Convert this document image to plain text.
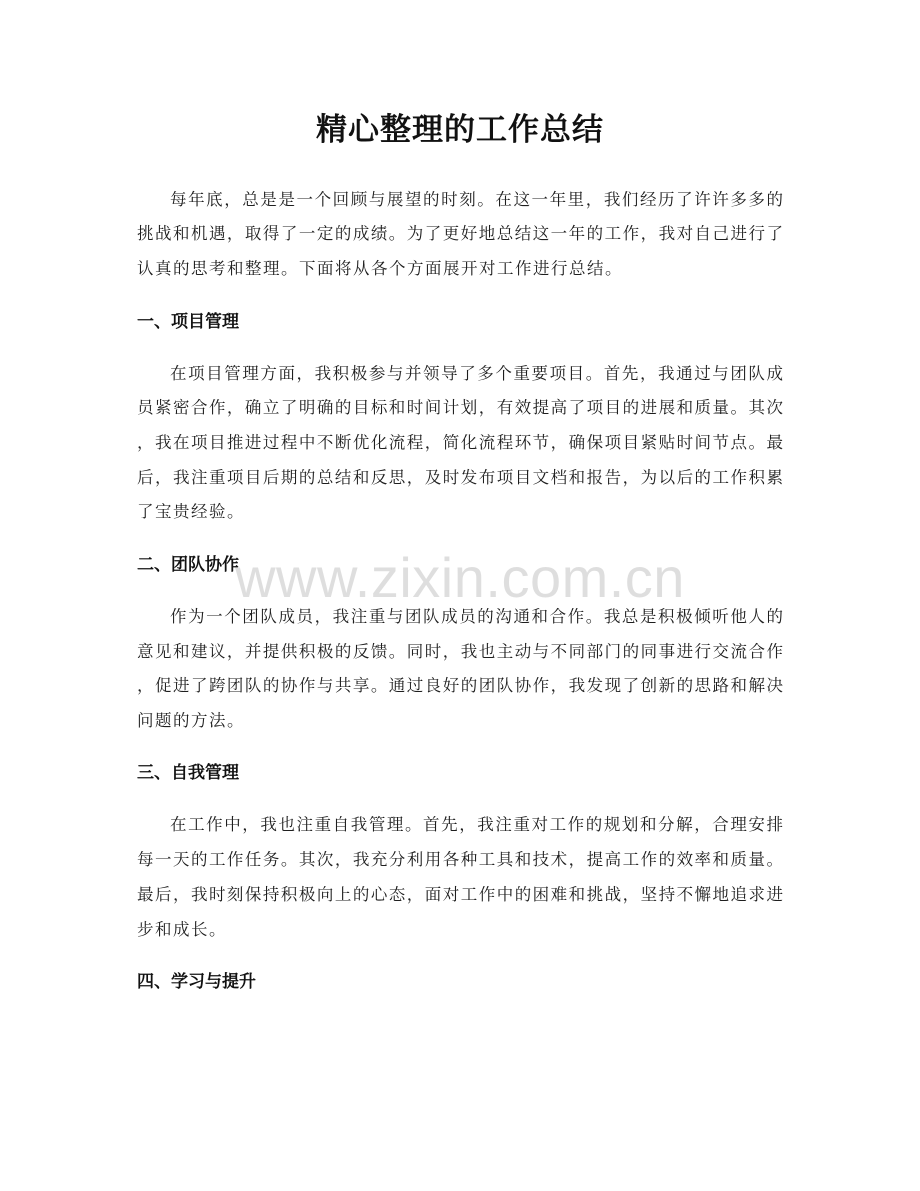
精心整理的工作总结
每年底，总是是一个回顾与展望的时刻。在这一年里，我们经历了许许多多的
挑战和机遇，取得了一定的成绩。为了更好地总结这一年的工作，我对自己进行了
认真的思考和整理。下面将从各个方面展开对工作进行总结。
一、项目管理
在项目管理方面，我积极参与并领导了多个重要项目。首先，我通过与团队成
员紧密合作，确立了明确的目标和时间计划，有效提高了项目的进展和质量。其次
，我在项目推进过程中不断优化流程，简化流程环节，确保项目紧贴时间节点。最
后，我注重项目后期的总结和反思，及时发布项目文档和报告，为以后的工作积累
了宝贵经验。
二、团队协作
作为一个团队成员，我注重与团队成员的沟通和合作。我总是积极倾听他人的
意见和建议，并提供积极的反馈。同时，我也主动与不同部门的同事进行交流合作
，促进了跨团队的协作与共享。通过良好的团队协作，我发现了创新的思路和解决
问题的方法。
三、自我管理
在工作中，我也注重自我管理。首先，我注重对工作的规划和分解，合理安排
每一天的工作任务。其次，我充分利用各种工具和技术，提高工作的效率和质量。
最后，我时刻保持积极向上的心态，面对工作中的困难和挑战，坚持不懈地追求进
步和成长。
四、学习与提升
www.zixin.com.cn
